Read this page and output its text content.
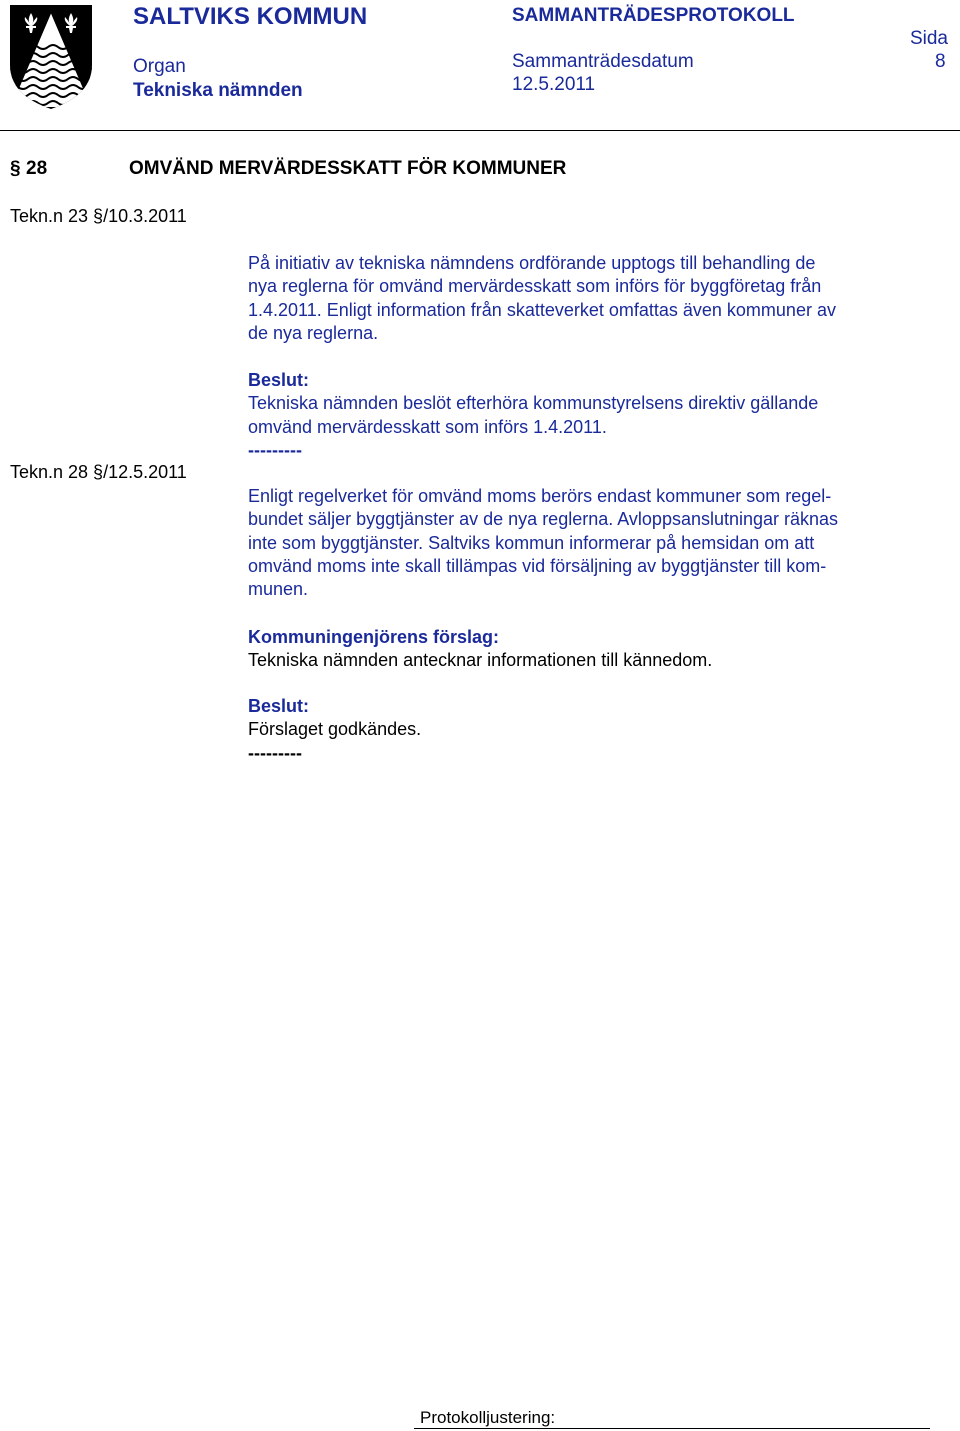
SALTVIKS KOMMUN	SAMMANTRÄDESPROTOKOLL
Sida
Organ	Sammanträdesdatum	8
Tekniska nämnden	12.5.2011
§ 28	OMVÄND MERVÄRDESSKATT FÖR KOMMUNER
Tekn.n 23 §/10.3.2011
Tekn.n 28 §/12.5.2011
På initiativ av tekniska nämndens ordförande upptogs till behandling de
nya reglerna för omvänd mervärdesskatt som införs för byggföretag från
1.4.2011. Enligt information från skatteverket omfattas även kommuner av
de nya reglerna.
Beslut:
Tekniska nämnden beslöt efterhöra kommunstyrelsens direktiv gällande
omvänd mervärdesskatt som införs 1.4.2011.
---------
Enligt regelverket för omvänd moms berörs endast kommuner som regel-
bundet säljer byggtjänster av de nya reglerna. Avloppsanslutningar räknas
inte som byggtjänster. Saltviks kommun informerar på hemsidan om att
omvänd moms inte skall tillämpas vid försäljning av byggtjänster till kom-
munen.
Kommuningenjörens förslag:
Tekniska nämnden antecknar informationen till kännedom.
Beslut:
Förslaget godkändes.
---------
Protokolljustering:
